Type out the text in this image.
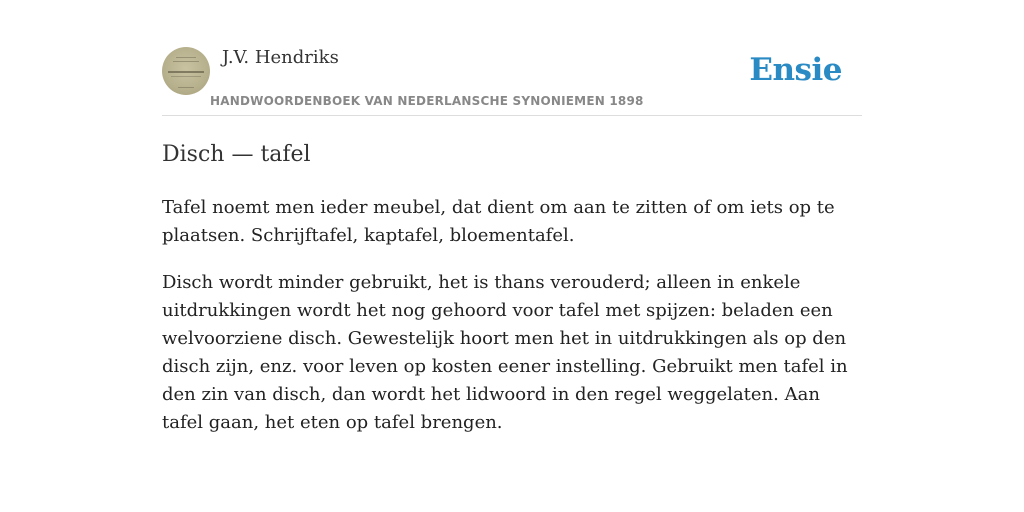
J.V. Hendriks
HANDWOORDENBOEK VAN NEDERLANSCHE SYNONIEMEN 1898
Ensie
Disch — tafel

Tafel noemt men ieder meubel, dat dient om aan te zitten of om iets op te plaatsen. Schrijftafel, kaptafel, bloementafel.

Disch wordt minder gebruikt, het is thans verouderd; alleen in enkele uitdrukkingen wordt het nog gehoord voor tafel met spijzen: beladen een welvoorziene disch. Gewestelijk hoort men het in uitdrukkingen als op den disch zijn, enz. voor leven op kosten eener instelling. Gebruikt men tafel in den zin van disch, dan wordt het lidwoord in den regel weggelaten. Aan tafel gaan, het eten op tafel brengen.
